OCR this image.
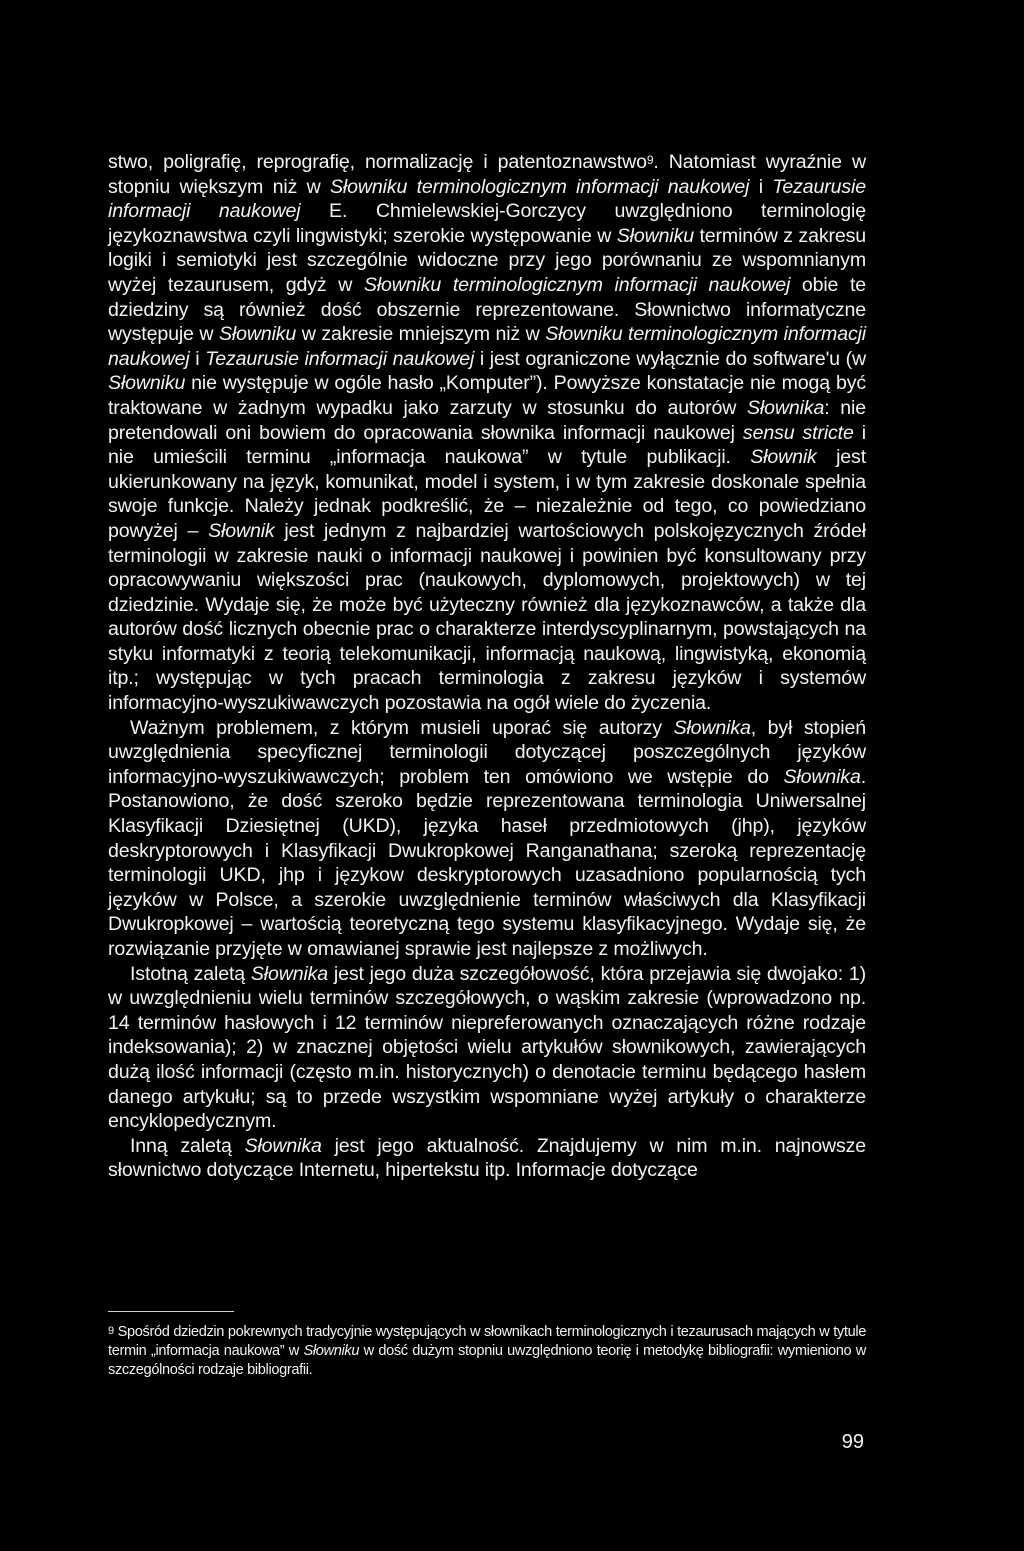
stwo, poligrafię, reprografię, normalizację i patentoznawstwo$^9$. Natomiast wyraźnie w stopniu większym niż w Słowniku terminologicznym informacji naukowej i Tezaurusie informacji naukowej E. Chmielewskiej-Gorczycy uwzględniono terminologię językoznawstwa czyli lingwistyki; szerokie występowanie w Słowniku terminów z zakresu logiki i semiotyki jest szczególnie widoczne przy jego porównaniu ze wspomnianym wyżej tezaurusem, gdyż w Słowniku terminologicznym informacji naukowej obie te dziedziny są również dość obszernie reprezentowane. Słownictwo informatyczne występuje w Słowniku w zakresie mniejszym niż w Słowniku terminologicznym informacji naukowej i Tezaurusie informacji naukowej i jest ograniczone wyłącznie do software'u (w Słowniku nie występuje w ogóle hasło „Komputer”). Powyższe konstatacje nie mogą być traktowane w żadnym wypadku jako zarzuty w stosunku do autorów Słownika: nie pretendowali oni bowiem do opracowania słownika informacji naukowej sensu stricte i nie umieścili terminu „informacja naukowa” w tytule publikacji. Słownik jest ukierunkowany na język, komunikat, model i system, i w tym zakresie doskonale spełnia swoje funkcje. Należy jednak podkreślić, że – niezależnie od tego, co powiedziano powyżej – Słownik jest jednym z najbardziej wartościowych polskojęzycznych źródeł terminologii w zakresie nauki o informacji naukowej i powinien być konsultowany przy opracowywaniu większości prac (naukowych, dyplomowych, projektowych) w tej dziedzinie. Wydaje się, że może być użyteczny również dla językoznawców, a także dla autorów dość licznych obecnie prac o charakterze interdyscyplinarnym, powstających na styku informatyki z teorią telekomunikacji, informacją naukową, lingwistyką, ekonomią itp.; występując w tych pracach terminologia z zakresu języków i systemów informacyjno-wyszukiwawczych pozostawia na ogół wiele do życzenia.

Ważnym problemem, z którym musieli uporać się autorzy Słownika, był stopień uwzględnienia specyficznej terminologii dotyczącej poszczególnych języków informacyjno-wyszukiwawczych; problem ten omówiono we wstępie do Słownika. Postanowiono, że dość szeroko będzie reprezentowana terminologia Uniwersalnej Klasyfikacji Dziesiętnej (UKD), języka haseł przedmiotowych (jhp), języków deskryptorowych i Klasyfikacji Dwukropkowej Ranganathana; szeroką reprezentację terminologii UKD, jhp i językow deskryptorowych uzasadniono popularnością tych języków w Polsce, a szerokie uwzględnienie terminów właściwych dla Klasyfikacji Dwukropkowej – wartością teoretyczną tego systemu klasyfikacyjnego. Wydaje się, że rozwiązanie przyjęte w omawianej sprawie jest najlepsze z możliwych.

Istotną zaletą Słownika jest jego duża szczegółowość, która przejawia się dwojako: 1) w uwzględnieniu wielu terminów szczegółowych, o wąskim zakresie (wprowadzono np. 14 terminów hasłowych i 12 terminów niepreferowanych oznaczających różne rodzaje indeksowania); 2) w znacznej objętości wielu artykułów słownikowych, zawierających dużą ilość informacji (często m.in. historycznych) o denotacie terminu będącego hasłem danego artykułu; są to przede wszystkim wspomniane wyżej artykuły o charakterze encyklopedycznym.

Inną zaletą Słownika jest jego aktualność. Znajdujemy w nim m.in. najnowsze słownictwo dotyczące Internetu, hipertekstu itp. Informacje dotyczące

$^9$ Spośród dziedzin pokrewnych tradycyjnie występujących w słownikach terminologicznych i tezaurusach mających w tytule termin „informacja naukowa” w Słowniku w dość dużym stopniu uwzględniono teorię i metodykę bibliografii: wymieniono w szczególności rodzaje bibliografii.

99
